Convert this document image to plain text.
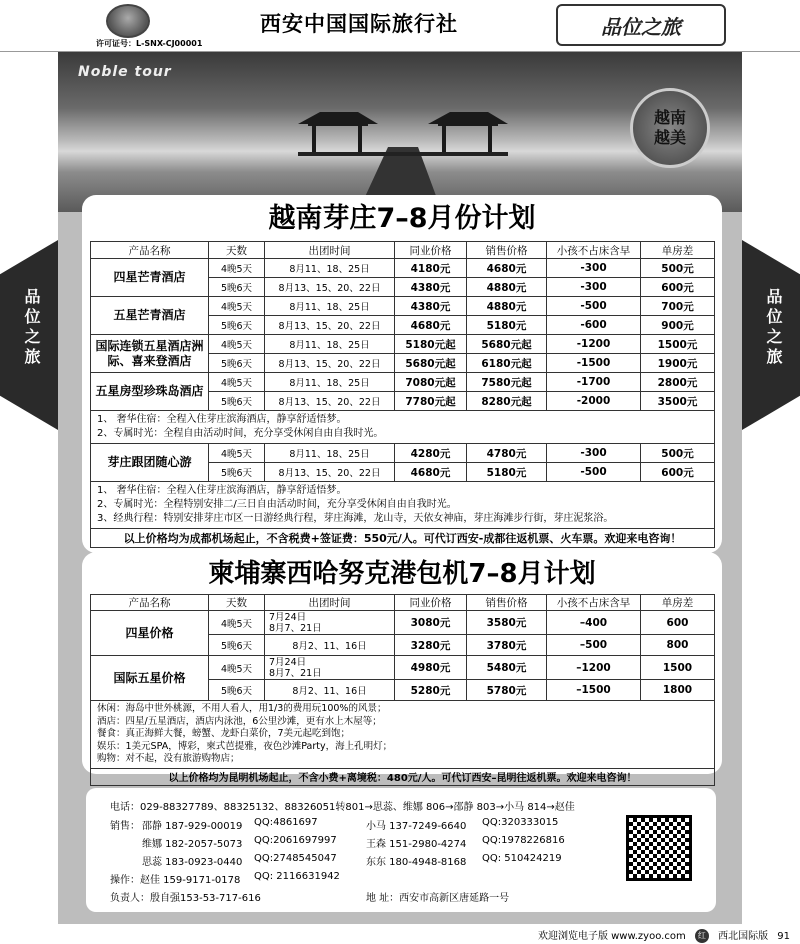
许可证号：L-SNX-CJ00001
西安中国国际旅行社	品位之旅
Noble tour
越南
越美
品位之旅	品位之旅
越南芽庄7–8月份计划
产品名称	天数	出团时间	同业价格	销售价格	小孩不占床含早	单房差
四星芒青酒店	4晚5天	8月11、18、25日	4180元	4680元	-300	500元
	5晚6天	8月13、15、20、22日	4380元	4880元	-300	600元
五星芒青酒店	4晚5天	8月11、18、25日	4380元	4880元	-500	700元
	5晚6天	8月13、15、20、22日	4680元	5180元	-600	900元
国际连锁五星酒店洲际、喜来登酒店	4晚5天	8月11、18、25日	5180元起	5680元起	-1200	1500元
	5晚6天	8月13、15、20、22日	5680元起	6180元起	-1500	1900元
五星房型珍珠岛酒店	4晚5天	8月11、18、25日	7080元起	7580元起	-1700	2800元
	5晚6天	8月13、15、20、22日	7780元起	8280元起	-2000	3500元

1、 奢华住宿：全程入住芽庄滨海酒店，静享舒适悟梦。
2、专属时光：全程自由活动时间，充分享受休闲自由自我时光。						

芽庄跟团随心游	4晚5天	8月11、18、25日	4280元	4780元	-300	500元
	5晚6天	8月13、15、20、22日	4680元	5180元	-500	600元

1、 奢华住宿：全程入住芽庄滨海酒店，静享舒适悟梦。
2、专属时光：全程特别安排二/三日自由活动时间，充分享受休闲自由自我时光。
3、经典行程：特别安排芽庄市区一日游经典行程，芽庄海滩，龙山寺，天依女神庙，芽庄海滩步行街，芽庄泥浆浴。						

以上价格均为成都机场起止，不含税费+签证费：550元/人。可代订西安-成都往返机票、火车票。欢迎来电咨询！						
柬埔寨西哈努克港包机7–8月计划
产品名称	天数	出团时间	同业价格	销售价格	小孩不占床含早	单房差
四星价格	4晚5天	7月24日
8月7、21日	3080元	3580元	–400	600
	5晚6天	8月2、11、16日	3280元	3780元	–500	800
国际五星价格	4晚5天	7月24日
8月7、21日	4980元	5480元	–1200	1500
	5晚6天	8月2、11、16日	5280元	5780元	–1500	1800

休闲：海岛中世外桃源，不用人看人，用1/3的费用玩100%的风景；
酒店：四星/五星酒店，酒店内泳池，6公里沙滩，更有水上木屋等；
餐食：真正海鲜大餐，螃蟹、龙虾白菜价，7美元起吃到饱；
娱乐：1美元SPA，博彩，柬式芭提雅，夜色沙滩Party，海上孔明灯；
购物：对不起，没有旅游购物店；						

以上价格均为昆明机场起止，不含小费+离境税：480元/人。可代订西安–昆明往返机票。欢迎来电咨询！						
电话：029-88327789、88325132、88326051转801→思蕊、维娜 806→邵静 803→小马 814→赵佳
销售： 邵静 187-929-00019 QQ:4861697	小马 137-7249-6640 QQ:320333015
维娜 182-2057-5073 QQ:2061697997	王森 151-2980-4274 QQ:1978226816
思蕊 183-0923-0440 QQ:2748545047	东东 180-4948-8168 QQ: 510424219
操作：赵佳 159-9171-0178 QQ: 2116631942
负责人：殷自强153-53-717-616	地 址：西安市高新区唐延路一号
欢迎浏览电子版 www.zyoo.com 红 西北国际版 91
